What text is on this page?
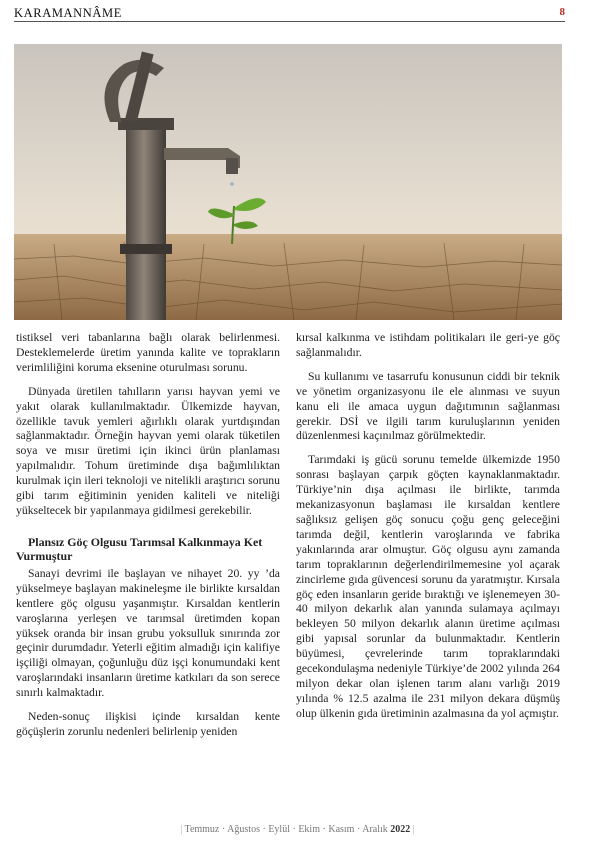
KARAMANNÂME	8

tistiksel veri tabanlarına bağlı olarak belirlenmesi. Desteklemelerde üretim yanında kalite ve toprakların verimliliğini koruma eksenine oturulması sorunu.

Dünyada üretilen tahılların yarısı hayvan yemi ve yakıt olarak kullanılmaktadır. Ülkemizde hayvan, özellikle tavuk yemleri ağırlıklı olarak yurtdışından sağlanmaktadır. Örneğin hayvan yemi olarak tüketilen soya ve mısır üretimi için ikinci ürün planlaması yapılmalıdır. Tohum üretiminde dışa bağımlılıktan kurulmak için ileri teknoloji ve nitelikli araştırıcı sorunu gibi tarım eğitiminin yeniden kaliteli ve niteliği yükseltecek bir yapılanmaya gidilmesi gerekebilir.

Plansız Göç Olgusu Tarımsal Kalkınmaya Ket Vurmuştur

Sanayi devrimi ile başlayan ve nihayet 20. yy ’da yükselmeye başlayan makineleşme ile birlikte kırsaldan kentlere göç olgusu yaşanmıştır. Kırsaldan kentlerin varoşlarına yerleşen ve tarımsal üretimden kopan yüksek oranda bir insan grubu yoksulluk sınırında zor geçinir durumdadır. Yeterli eğitim almadığı için kalifiye işçiliği olmayan, çoğunluğu düz işçi konumundaki kent varoşlarındaki insanların üretime katkıları da son serece sınırlı kalmaktadır.

Neden-sonuç ilişkisi içinde kırsaldan kente göçüşlerin zorunlu nedenleri belirlenip yeniden

kırsal kalkınma ve istihdam politikaları ile geri-ye göç sağlanmalıdır.

Su kullanımı ve tasarrufu konusunun ciddi bir teknik ve yönetim organizasyonu ile ele alınması ve suyun kanu eli ile amaca uygun dağıtımının sağlanması gerekir. DSİ ve ilgili tarım kuruluşlarının yeniden düzenlenmesi kaçınılmaz görülmektedir.

Tarımdaki iş gücü sorunu temelde ülkemizde 1950 sonrası başlayan çarpık göçten kaynaklanmaktadır. Türkiye’nin dışa açılması ile birlikte, tarımda mekanizasyonun başlaması ile kırsaldan kentlere sağlıksız gelişen göç sonucu çoğu genç geleceğini tarımda değil, kentlerin varoşlarında ve fabrika yakınlarında arar olmuştur. Göç olgusu aynı zamanda tarım topraklarının değerlendirilmemesine yol açarak zincirleme gıda güvencesi sorunu da yaratmıştır. Kırsala göç eden insanların geride bıraktığı ve işlenemeyen 30-40 milyon dekarlık alan yanında sulamaya açılmayı bekleyen 50 milyon dekarlık alanın üretime açılması gibi yapısal sorunlar da bulunmaktadır. Kentlerin büyümesi, çevrelerinde tarım topraklarındaki gecekondulaşma nedeniyle Türkiye’de 2002 yılında 264 milyon dekar olan işlenen tarım alanı varlığı 2019 yılında % 12.5 azalma ile 231 milyon dekara düşmüş olup ülkenin gıda üretiminin azalmasına da yol açmıştır.

| Temmuz · Ağustos · Eylül · Ekim · Kasım · Aralık 2022 |
